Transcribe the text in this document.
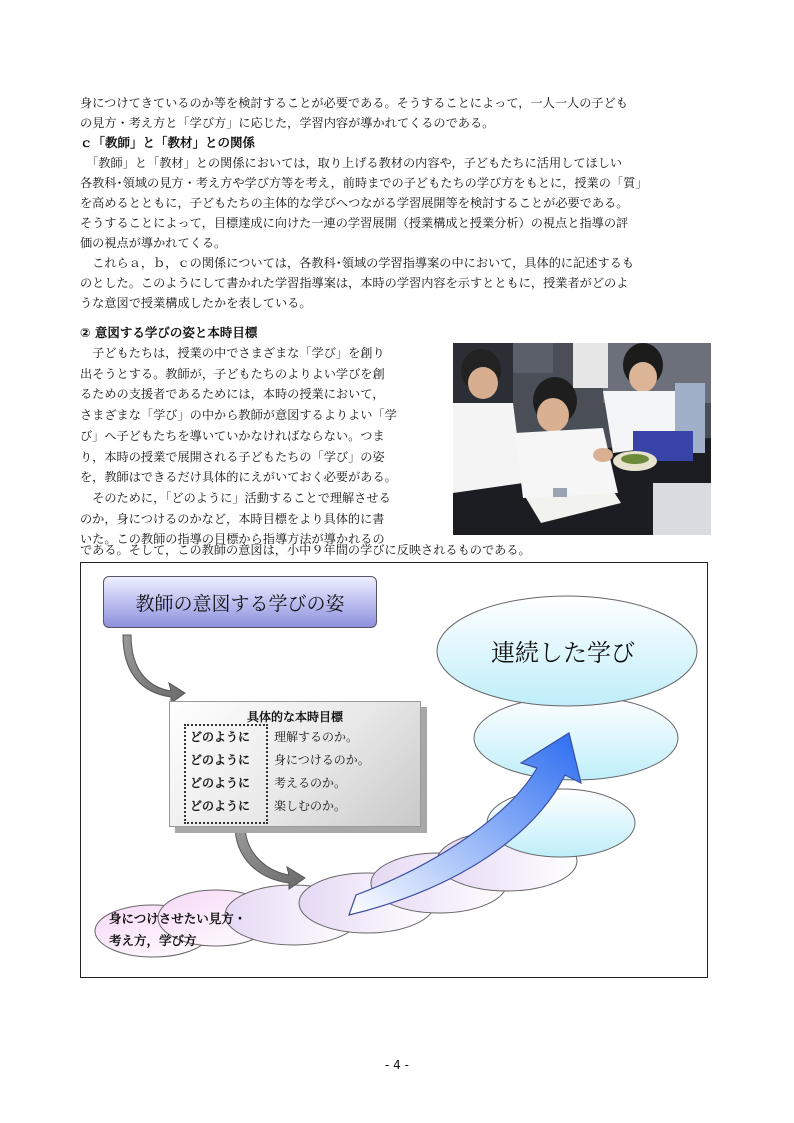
身につけてきているのか等を検討することが必要である。そうすることによって，一人一人の子ども
の見方・考え方と「学び方」に応じた，学習内容が導かれてくるのである。
ｃ「教師」と「教材」との関係
　「教師」と「教材」との関係においては，取り上げる教材の内容や，子どもたちに活用してほしい
各教科･領域の見方・考え方や学び方等を考え，前時までの子どもたちの学び方をもとに，授業の「質」
を高めるとともに，子どもたちの主体的な学びへつながる学習展開等を検討することが必要である。
そうすることによって，目標達成に向けた一連の学習展開（授業構成と授業分析）の視点と指導の評
価の視点が導かれてくる。
　これらａ，ｂ，ｃの関係については，各教科･領域の学習指導案の中において，具体的に記述するも
のとした。このようにして書かれた学習指導案は，本時の学習内容を示すとともに，授業者がどのよ
うな意図で授業構成したかを表している。
② 意図する学びの姿と本時目標
　子どもたちは，授業の中でさまざまな「学び」を創り
出そうとする。教師が，子どもたちのよりよい学びを創
るための支援者であるためには，本時の授業において，
さまざまな「学び」の中から教師が意図するよりよい「学
び」へ子どもたちを導いていかなければならない。つま
り，本時の授業で展開される子どもたちの「学び」の姿
を，教師はできるだけ具体的にえがいておく必要がある。
　そのために，「どのように」活動することで理解させる
のか，身につけるのかなど，本時目標をより具体的に書
いた。この教師の指導の目標から指導方法が導かれるの
である。そして，この教師の意図は，小中９年間の学びに反映されるものである。
教師の意図する学びの姿
連続した学び
具体的な本時目標
どのように 理解するのか。
どのように 身につけるのか。
どのように 考えるのか。
どのように 楽しむのか。
身につけさせたい見方・
考え方，学び方
- 4 -
